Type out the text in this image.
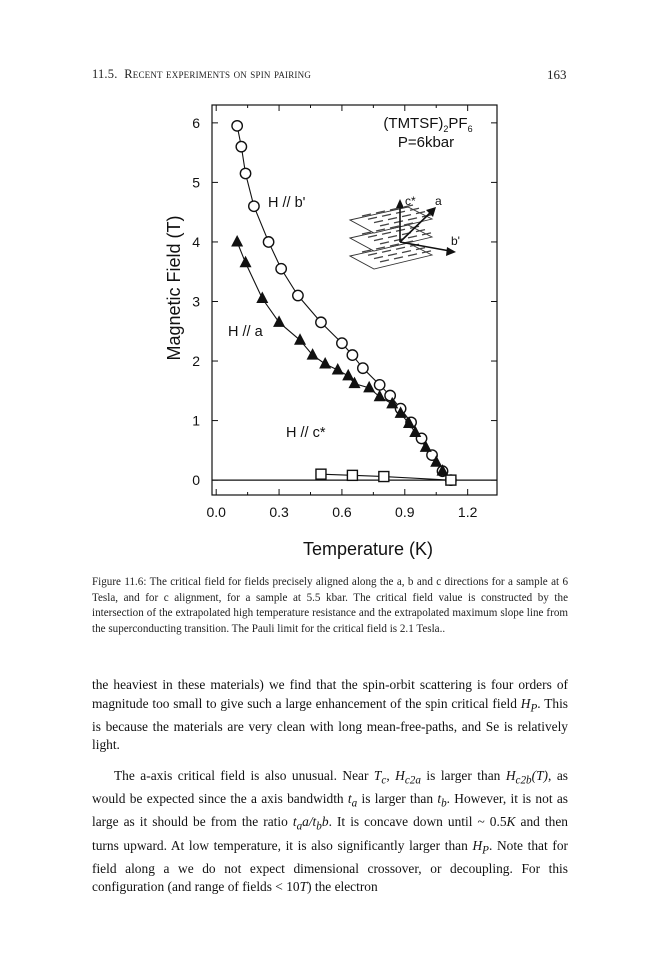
11.5. Recent experiments on spin pairing	163
0.0	0.3	0.6	0.9	1.2
0
1
2
3
4
5
6	$(TMTSF)_2PF_6$
P=6kbar
H // b'
H // a
H // c*
Temperature (K)
Magnetic Field (T)
c* a
b'
Figure 11.6: The critical field for fields precisely aligned along the a, b and c directions for a sample at 6 Tesla, and for c alignment, for a sample at 5.5 kbar. The critical field value is constructed by the intersection of the extrapolated high temperature resistance and the extrapolated maximum slope line from the superconducting transition. The Pauli limit for the critical field is 2.1 Tesla..
the heaviest in these materials) we find that the spin-orbit scattering is four orders of magnitude too small to give such a large enhancement of the spin critical field $H_P$. This is because the materials are very clean with long mean-free-paths, and Se is relatively light.
The a-axis critical field is also unusual. Near $T_c$, $H_{c2a}$ is larger than $H_{c2b}(T)$, as would be expected since the a axis bandwidth $t_a$ is larger than $t_b$. However, it is not as large as it should be from the ratio $t_aa/t_bb$. It is concave down until ~ 0.5K and then turns upward. At low temperature, it is also significantly larger than $H_P$. Note that for field along a we do not expect dimensional crossover, or decoupling. For this configuration (and range of fields < 10T) the electron
